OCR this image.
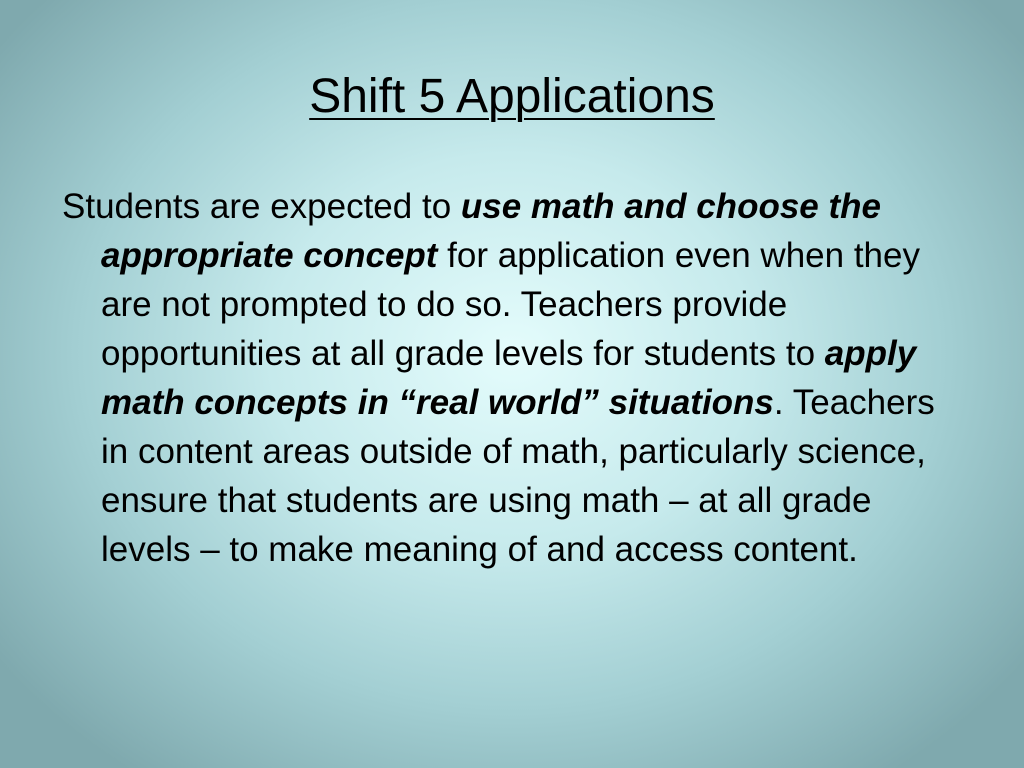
Shift 5 Applications

Students are expected to use math and choose the appropriate concept for application even when they are not prompted to do so. Teachers provide opportunities at all grade levels for students to apply math concepts in “real world” situations. Teachers in content areas outside of math, particularly science, ensure that students are using math – at all grade levels – to make meaning of and access content.
